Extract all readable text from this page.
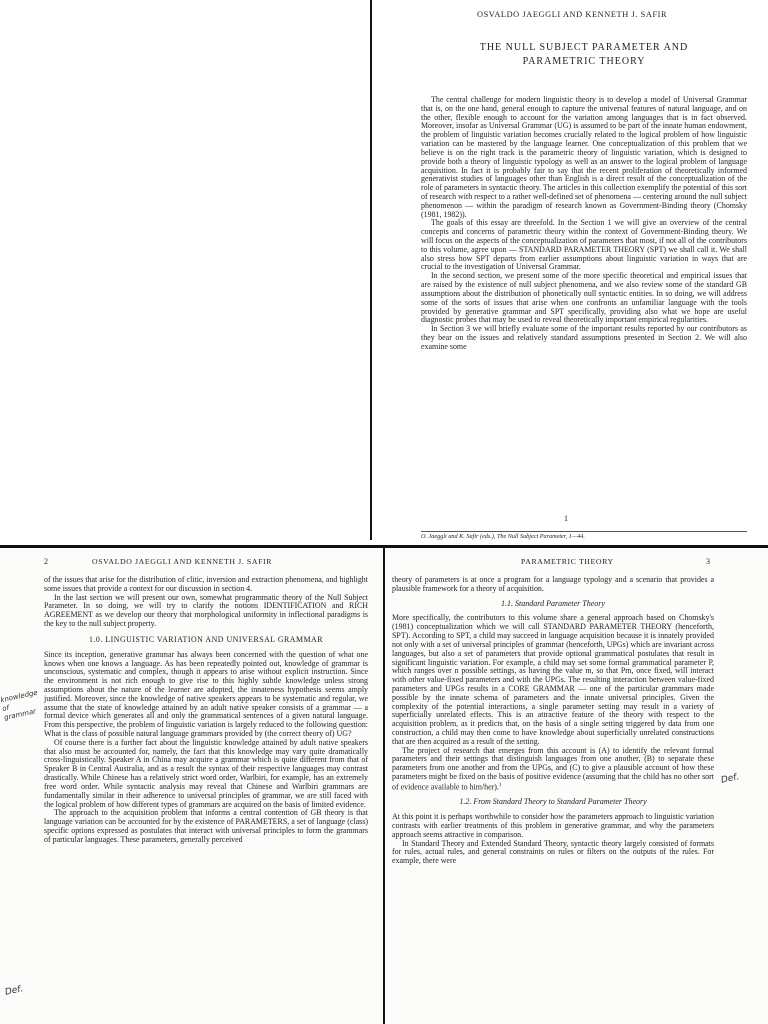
OSVALDO JAEGGLI AND KENNETH J. SAFIR
THE NULL SUBJECT PARAMETER AND
PARAMETRIC THEORY

The central challenge for modern linguistic theory is to develop a model of Universal Grammar that is, on the one hand, general enough to capture the universal features of natural language, and on the other, flexible enough to account for the variation among languages that is in fact observed. Moreover, insofar as Universal Grammar (UG) is assumed to be part of the innate human endowment, the problem of linguistic variation becomes crucially related to the logical problem of how linguistic variation can be mastered by the language learner. One conceptualization of this problem that we believe is on the right track is the parametric theory of linguistic variation, which is designed to provide both a theory of linguistic typology as well as an answer to the logical problem of language acquisition. In fact it is probably fair to say that the recent proliferation of theoretically informed generativist studies of languages other than English is a direct result of the conceptualization of the role of parameters in syntactic theory. The articles in this collection exemplify the potential of this sort of research with respect to a rather well-defined set of phenomena — centering around the null subject phenomenon — within the paradigm of research known as Government-Binding theory (Chomsky (1981, 1982)).

The goals of this essay are threefold. In the Section 1 we will give an overview of the central concepts and concerns of parametric theory within the context of Government-Binding theory. We will focus on the aspects of the conceptualization of parameters that most, if not all of the contributors to this volume, agree upon — STANDARD PARAMETER THEORY (SPT) we shall call it. We shall also stress how SPT departs from earlier assumptions about linguistic variation in ways that are crucial to the investigation of Universal Grammar.

In the second section, we present some of the more specific theoretical and empirical issues that are raised by the existence of null subject phenomena, and we also review some of the standard GB assumptions about the distribution of phonetically null syntactic entities. In so doing, we will address some of the sorts of issues that arise when one confronts an unfamiliar language with the tools provided by generative grammar and SPT specifically, providing also what we hope are useful diagnostic probes that may be used to reveal theoretically important empirical regularities.

In Section 3 we will briefly evaluate some of the important results reported by our contributors as they bear on the issues and relatively standard assumptions presented in Section 2. We will also examine some

1
O. Jaeggli and K. Safir (eds.), The Null Subject Parameter, 1—44.
2	OSVALDO JAEGGLI AND KENNETH J. SAFIR

of the issues that arise for the distribution of clitic, inversion and extraction phenomena, and highlight some issues that provide a context for our discussion in section 4.

In the last section we will present our own, somewhat programmatic theory of the Null Subject Parameter. In so doing, we will try to clarify the notions IDENTIFICATION and RICH AGREEMENT as we develop our theory that morphological uniformity in inflectional paradigms is the key to the null subject property.

1.0. LINGUISTIC VARIATION AND UNIVERSAL GRAMMAR

Since its inception, generative grammar has always been concerned with the question of what one knows when one knows a language. As has been repeatedly pointed out, knowledge of grammar is unconscious, systematic and complex, though it appears to arise without explicit instruction. Since the environment is not rich enough to give rise to this highly subtle knowledge unless strong assumptions about the nature of the learner are adopted, the innateness hypothesis seems amply justified. Moreover, since the knowledge of native speakers appears to be systematic and regular, we assume that the state of knowledge attained by an adult native speaker consists of a grammar — a formal device which generates all and only the grammatical sentences of a given natural language. From this perspective, the problem of linguistic variation is largely reduced to the following question: What is the class of possible natural language grammars provided by (the correct theory of) UG?

Of course there is a further fact about the linguistic knowledge attained by adult native speakers that also must be accounted for, namely, the fact that this knowledge may vary quite dramatically cross-linguistically. Speaker A in China may acquire a grammar which is quite different from that of Speaker B in Central Australia, and as a result the syntax of their respective languages may contrast drastically. While Chinese has a relatively strict word order, Warlbiri, for example, has an extremely free word order. While syntactic analysis may reveal that Chinese and Warlbiri grammars are fundamentally similar in their adherence to universal principles of grammar, we are still faced with the logical problem of how different types of grammars are acquired on the basis of limited evidence.

The approach to the acquisition problem that informs a central contention of GB theory is that language variation can be accounted for by the existence of PARAMETERS, a set of language (class) specific options expressed as postulates that interact with universal principles to form the grammars of particular languages. These parameters, generally perceived

knowledge of grammar
Def.
PARAMETRIC THEORY	3

theory of parameters is at once a program for a language typology and a scenario that provides a plausible framework for a theory of acquisition.

1.1. Standard Parameter Theory

More specifically, the contributors to this volume share a general approach based on Chomsky's (1981) conceptualization which we will call STANDARD PARAMETER THEORY (henceforth, SPT). According to SPT, a child may succeed in language acquisition because it is innately provided not only with a set of universal principles of grammar (henceforth, UPGs) which are invariant across languages, but also a set of parameters that provide optional grammatical postulates that result in significant linguistic variation. For example, a child may set some formal grammatical parameter P, which ranges over n possible settings, as having the value m, so that Pm, once fixed, will interact with other value-fixed parameters and with the UPGs. The resulting interaction between value-fixed parameters and UPGs results in a CORE GRAMMAR — one of the particular grammars made possible by the innate schema of parameters and the innate universal principles. Given the complexity of the potential interactions, a single parameter setting may result in a variety of superficially unrelated effects. This is an attractive feature of the theory with respect to the acquisition problem, as it predicts that, on the basis of a single setting triggered by data from one construction, a child may then come to have knowledge about superficially unrelated constructions that are then acquired as a result of the setting.

The project of research that emerges from this account is (A) to identify the relevant formal parameters and their settings that distinguish languages from one another, (B) to separate these parameters from one another and from the UPGs, and (C) to give a plausible account of how these parameters might be fixed on the basis of positive evidence (assuming that the child has no other sort of evidence available to him/her).$^1$

1.2. From Standard Theory to Standard Parameter Theory

At this point it is perhaps worthwhile to consider how the parameters approach to linguistic variation contrasts with earlier treatments of this problem in generative grammar, and why the parameters approach seems attractive in comparison.

In Standard Theory and Extended Standard Theory, syntactic theory largely consisted of formats for rules, actual rules, and general constraints on rules or filters on the outputs of the rules. For example, there were

Def.
